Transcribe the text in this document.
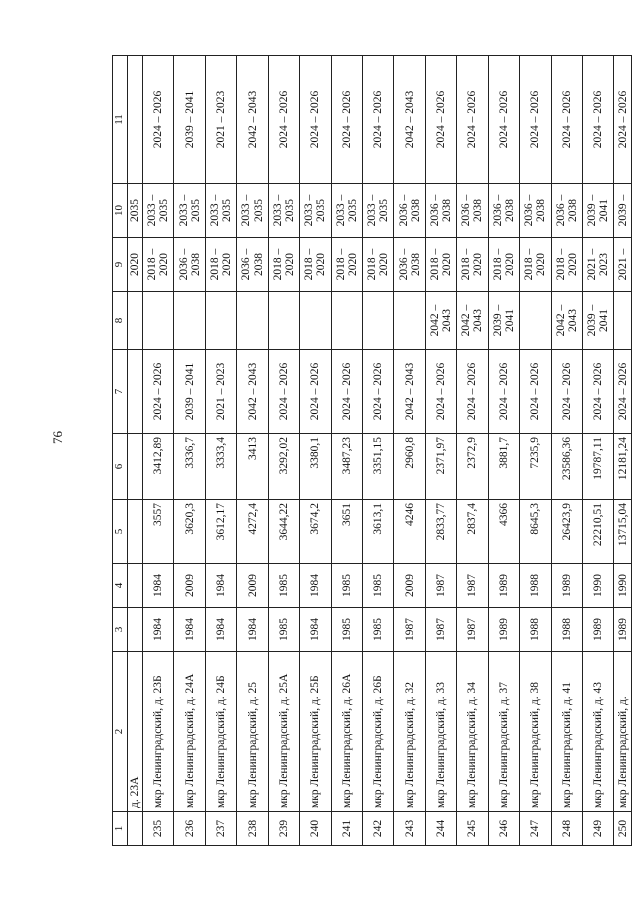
76
1	2	3	4	5	6	7	8	9	10	11
	д. 23А							2020	2035	
235	мкр Ленинградский, д. 23Б	1984	1984	3557	3412,89	2024 – 2026		2018 – 2020	2033 – 2035	2024 – 2026
236	мкр Ленинградский, д. 24А	1984	2009	3620,3	3336,7	2039 – 2041		2036 – 2038	2033 – 2035	2039 – 2041
237	мкр Ленинградский, д. 24Б	1984	1984	3612,17	3333,4	2021 – 2023		2018 – 2020	2033 – 2035	2021 – 2023
238	мкр Ленинградский, д. 25	1984	2009	4272,4	3413	2042 – 2043		2036 – 2038	2033 – 2035	2042 – 2043
239	мкр Ленинградский, д. 25А	1985	1985	3644,22	3292,02	2024 – 2026		2018 – 2020	2033 – 2035	2024 – 2026
240	мкр Ленинградский, д. 25Б	1984	1984	3674,2	3380,1	2024 – 2026		2018 – 2020	2033 – 2035	2024 – 2026
241	мкр Ленинградский, д. 26А	1985	1985	3651	3487,23	2024 – 2026		2018 – 2020	2033 – 2035	2024 – 2026
242	мкр Ленинградский, д. 26Б	1985	1985	3613,1	3351,15	2024 – 2026		2018 – 2020	2033 – 2035	2024 – 2026
243	мкр Ленинградский, д. 32	1987	2009	4246	2960,8	2042 – 2043		2036 – 2038	2036 – 2038	2042 – 2043
244	мкр Ленинградский, д. 33	1987	1987	2833,77	2371,97	2024 – 2026	2042 – 2043	2018 – 2020	2036 – 2038	2024 – 2026
245	мкр Ленинградский, д. 34	1987	1987	2837,4	2372,9	2024 – 2026	2042 – 2043	2018 – 2020	2036 – 2038	2024 – 2026
246	мкр Ленинградский, д. 37	1989	1989	4366	3881,7	2024 – 2026	2039 – 2041	2018 – 2020	2036 – 2038	2024 – 2026
247	мкр Ленинградский, д. 38	1988	1988	8645,3	7235,9	2024 – 2026		2018 – 2020	2036 – 2038	2024 – 2026
248	мкр Ленинградский, д. 41	1988	1989	26423,9	23586,36	2024 – 2026	2042 – 2043	2018 – 2020	2036 – 2038	2024 – 2026
249	мкр Ленинградский, д. 43	1989	1990	22210,51	19787,11	2024 – 2026	2039 – 2041	2021 – 2023	2039 – 2041	2024 – 2026
250	мкр Ленинградский, д.	1989	1990	13715,04	12181,24	2024 – 2026		2021 –	2039 –	2024 – 2026
